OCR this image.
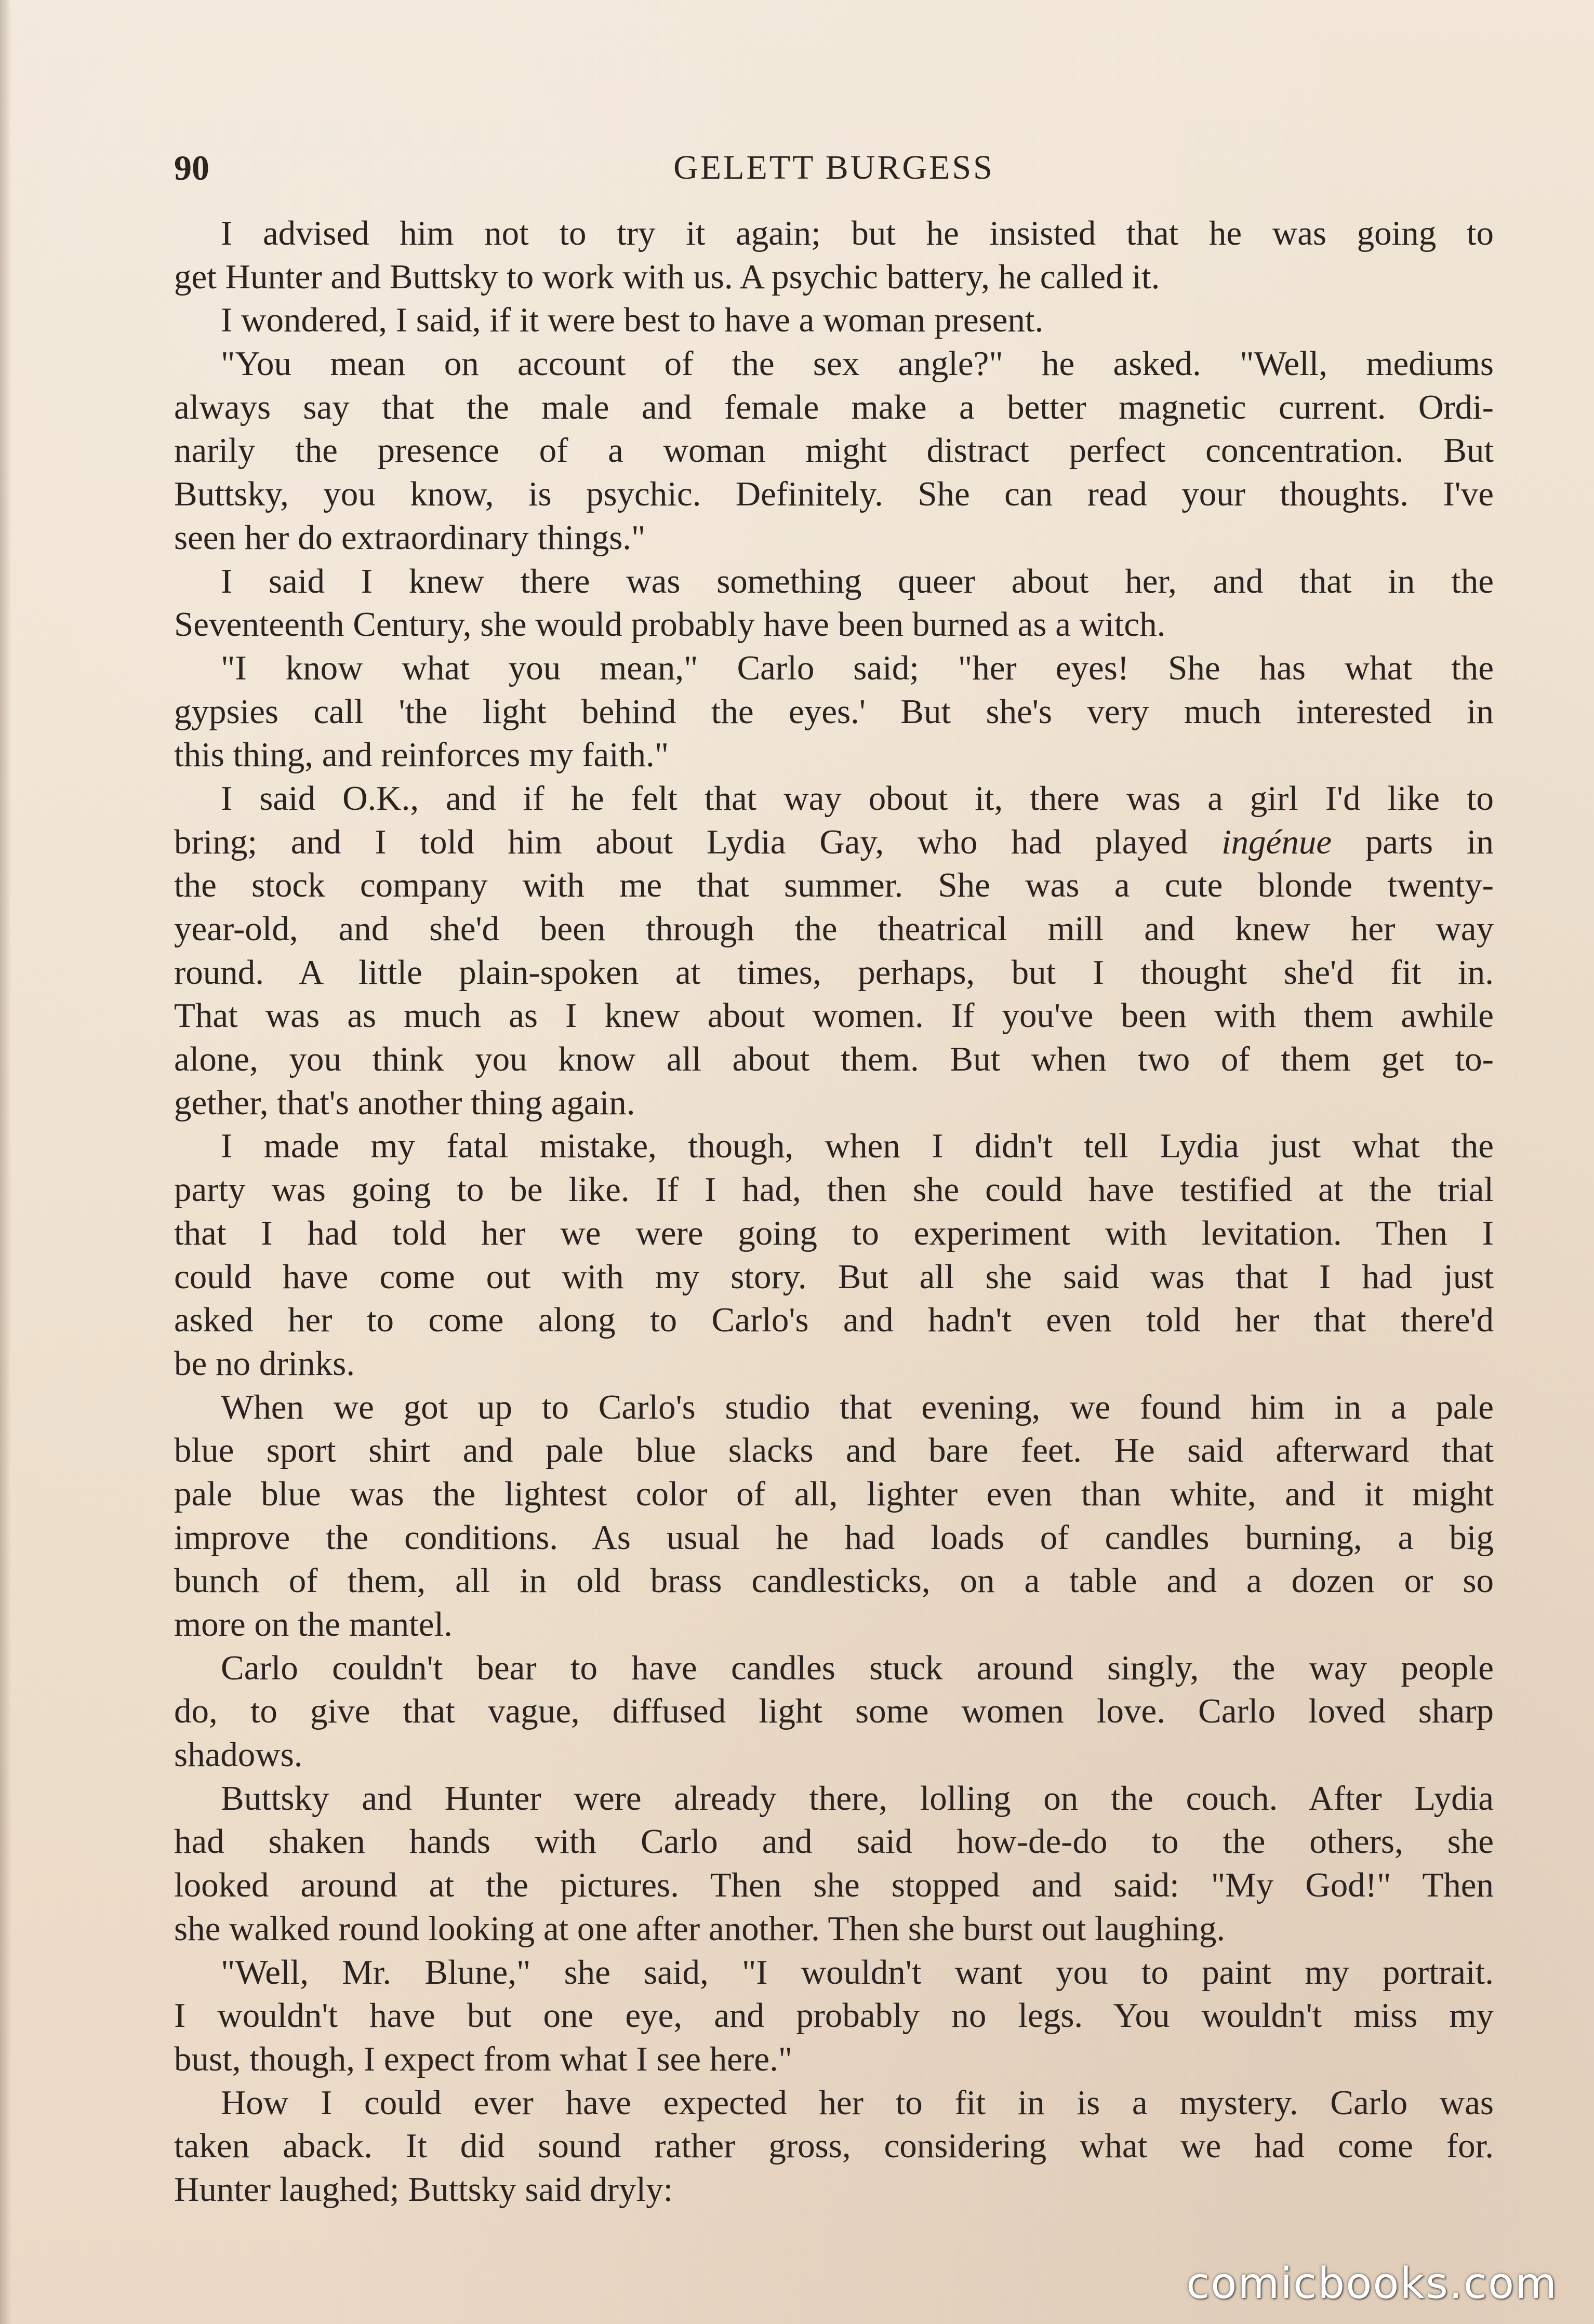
90	GELETT BURGESS
I advised him not to try it again; but he insisted that he was going to
get Hunter and Buttsky to work with us. A psychic battery, he called it.
I wondered, I said, if it were best to have a woman present.
"You mean on account of the sex angle?" he asked. "Well, mediums
always say that the male and female make a better magnetic current. Ordi-
narily the presence of a woman might distract perfect concentration. But
Buttsky, you know, is psychic. Definitely. She can read your thoughts. I've
seen her do extraordinary things."
I said I knew there was something queer about her, and that in the
Seventeenth Century, she would probably have been burned as a witch.
"I know what you mean," Carlo said; "her eyes! She has what the
gypsies call 'the light behind the eyes.' But she's very much interested in
this thing, and reinforces my faith."
I said O.K., and if he felt that way obout it, there was a girl I'd like to
bring; and I told him about Lydia Gay, who had played ingénue parts in
the stock company with me that summer. She was a cute blonde twenty-
year-old, and she'd been through the theatrical mill and knew her way
round. A little plain-spoken at times, perhaps, but I thought she'd fit in.
That was as much as I knew about women. If you've been with them awhile
alone, you think you know all about them. But when two of them get to-
gether, that's another thing again.
I made my fatal mistake, though, when I didn't tell Lydia just what the
party was going to be like. If I had, then she could have testified at the trial
that I had told her we were going to experiment with levitation. Then I
could have come out with my story. But all she said was that I had just
asked her to come along to Carlo's and hadn't even told her that there'd
be no drinks.
When we got up to Carlo's studio that evening, we found him in a pale
blue sport shirt and pale blue slacks and bare feet. He said afterward that
pale blue was the lightest color of all, lighter even than white, and it might
improve the conditions. As usual he had loads of candles burning, a big
bunch of them, all in old brass candlesticks, on a table and a dozen or so
more on the mantel.
Carlo couldn't bear to have candles stuck around singly, the way people
do, to give that vague, diffused light some women love. Carlo loved sharp
shadows.
Buttsky and Hunter were already there, lolling on the couch. After Lydia
had shaken hands with Carlo and said how-de-do to the others, she
looked around at the pictures. Then she stopped and said: "My God!" Then
she walked round looking at one after another. Then she burst out laughing.
"Well, Mr. Blune," she said, "I wouldn't want you to paint my portrait.
I wouldn't have but one eye, and probably no legs. You wouldn't miss my
bust, though, I expect from what I see here."
How I could ever have expected her to fit in is a mystery. Carlo was
taken aback. It did sound rather gross, considering what we had come for.
Hunter laughed; Buttsky said dryly:
comicbooks.com
